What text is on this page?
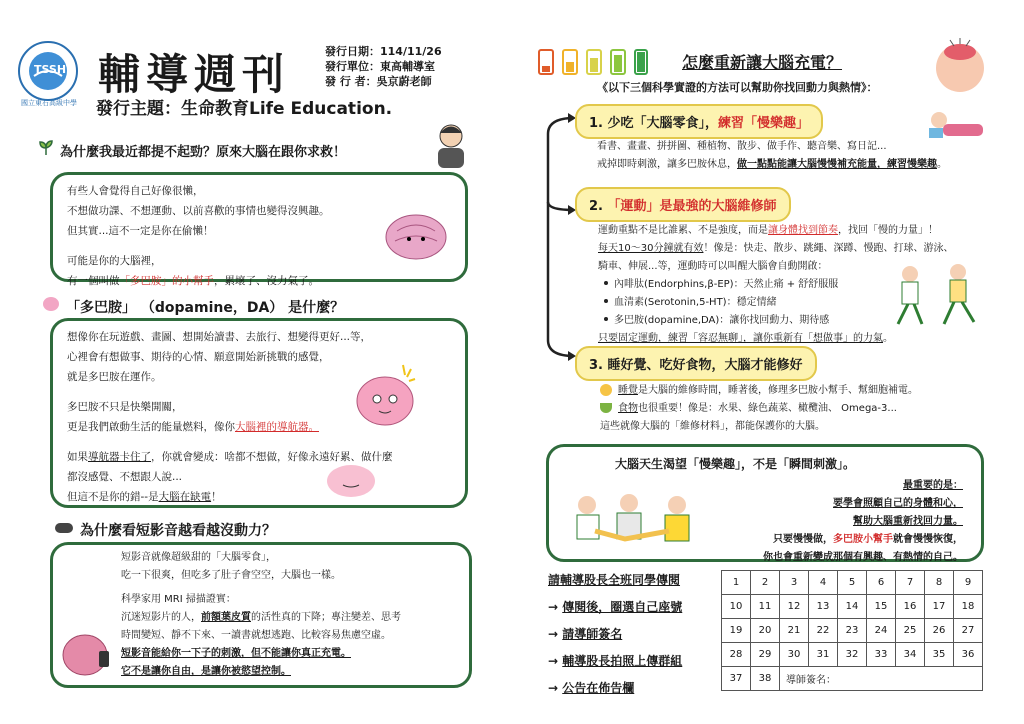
TSSH
國立東石高級中學
輔導週刊	發行日期：114/11/26
發行單位：東高輔導室
發 行 者：吳京蔚老師
發行主題：生命教育Life Education.
為什麼我最近都提不起勁？原來大腦在跟你求救！
有些人會覺得自己好像很懶，
不想做功課、不想運動、以前喜歡的事情也變得沒興趣。
但其實...這不一定是你在偷懶！
可能是你的大腦裡，
有一個叫做「多巴胺」的小幫手，累壞了、沒力氣了。
「多巴胺」 （dopamine，DA） 是什麼？
想像你在玩遊戲、畫圖、想開始讀書、去旅行、想變得更好...等，
心裡會有想做事、期待的心情、願意開始新挑戰的感覺，
就是多巴胺在運作。
多巴胺不只是快樂開關，
更是我們啟動生活的能量燃料，像你大腦裡的導航器。
如果導航器卡住了，你就會變成：啥都不想做，好像永遠好累、做什麼
都沒感覺、不想跟人說...
但這不是你的錯--是大腦在缺電！
為什麼看短影音越看越沒動力？
短影音就像超級甜的「大腦零食」，
吃一下很爽，但吃多了肚子會空空，大腦也一樣。
科學家用 MRI 掃描證實：
沉迷短影片的人，前額葉皮質的活性真的下降；專注變差、思考
時間變短、靜不下來、一讀書就想逃跑、比較容易焦慮空虛。
短影音能給你一下子的刺激，但不能讓你真正充電。
它不是讓你自由，是讓你被慾望控制。
怎麼重新讓大腦充電？
《以下三個科學實證的方法可以幫助你找回動力與熱情》：
1. 少吃「大腦零食」，練習「慢樂趣」
看書、畫畫、拼拼圖、種植物、散步、做手作、聽音樂、寫日記...
戒掉即時刺激，讓多巴胺休息，做一點點能讓大腦慢慢補充能量，練習慢樂趣。
2. 「運動」是最強的大腦維修師
運動重點不是比誰累、不是強度，而是讓身體找到節奏，找回「慢的力量」！
每天10～30分鐘就有效！像是：快走、散步、跳繩、深蹲、慢跑、打球、游泳、
騎車、伸展...等，運動時可以叫醒大腦會自動開啟：
內啡肽(Endorphins,β-EP)：天然止痛 + 舒舒服服
血清素(Serotonin,5-HT)：穩定情緒
多巴胺(dopamine,DA)：讓你找回動力、期待感
只要固定運動，練習「容忍無聊」，讓你重新有「想做事」的力氣。
3. 睡好覺、吃好食物，大腦才能修好
睡覺是大腦的維修時間，睡著後，修理多巴胺小幫手、幫細胞補電。
食物也很重要！像是：水果、綠色蔬菜、橄欖油、 Omega-3...
這些就像大腦的「維修材料」，都能保護你的大腦。
大腦天生渴望「慢樂趣」，不是「瞬間刺激」。
最重要的是：
要學會照顧自己的身體和心，
幫助大腦重新找回力量。
只要慢慢做，多巴胺小幫手就會慢慢恢復，
你也會重新變成那個有興趣、有熱情的自己。
請輔導股長全班同學傳閱
→ 傳閱後，圈選自己座號
→ 請導師簽名
→ 輔導股長拍照上傳群組
→ 公告在佈告欄
1	2	3	4	5	6	7	8	9
10	11	12	13	14	15	16	17	18
19	20	21	22	23	24	25	26	27
28	29	30	31	32	33	34	35	36
37	38	導師簽名：						
